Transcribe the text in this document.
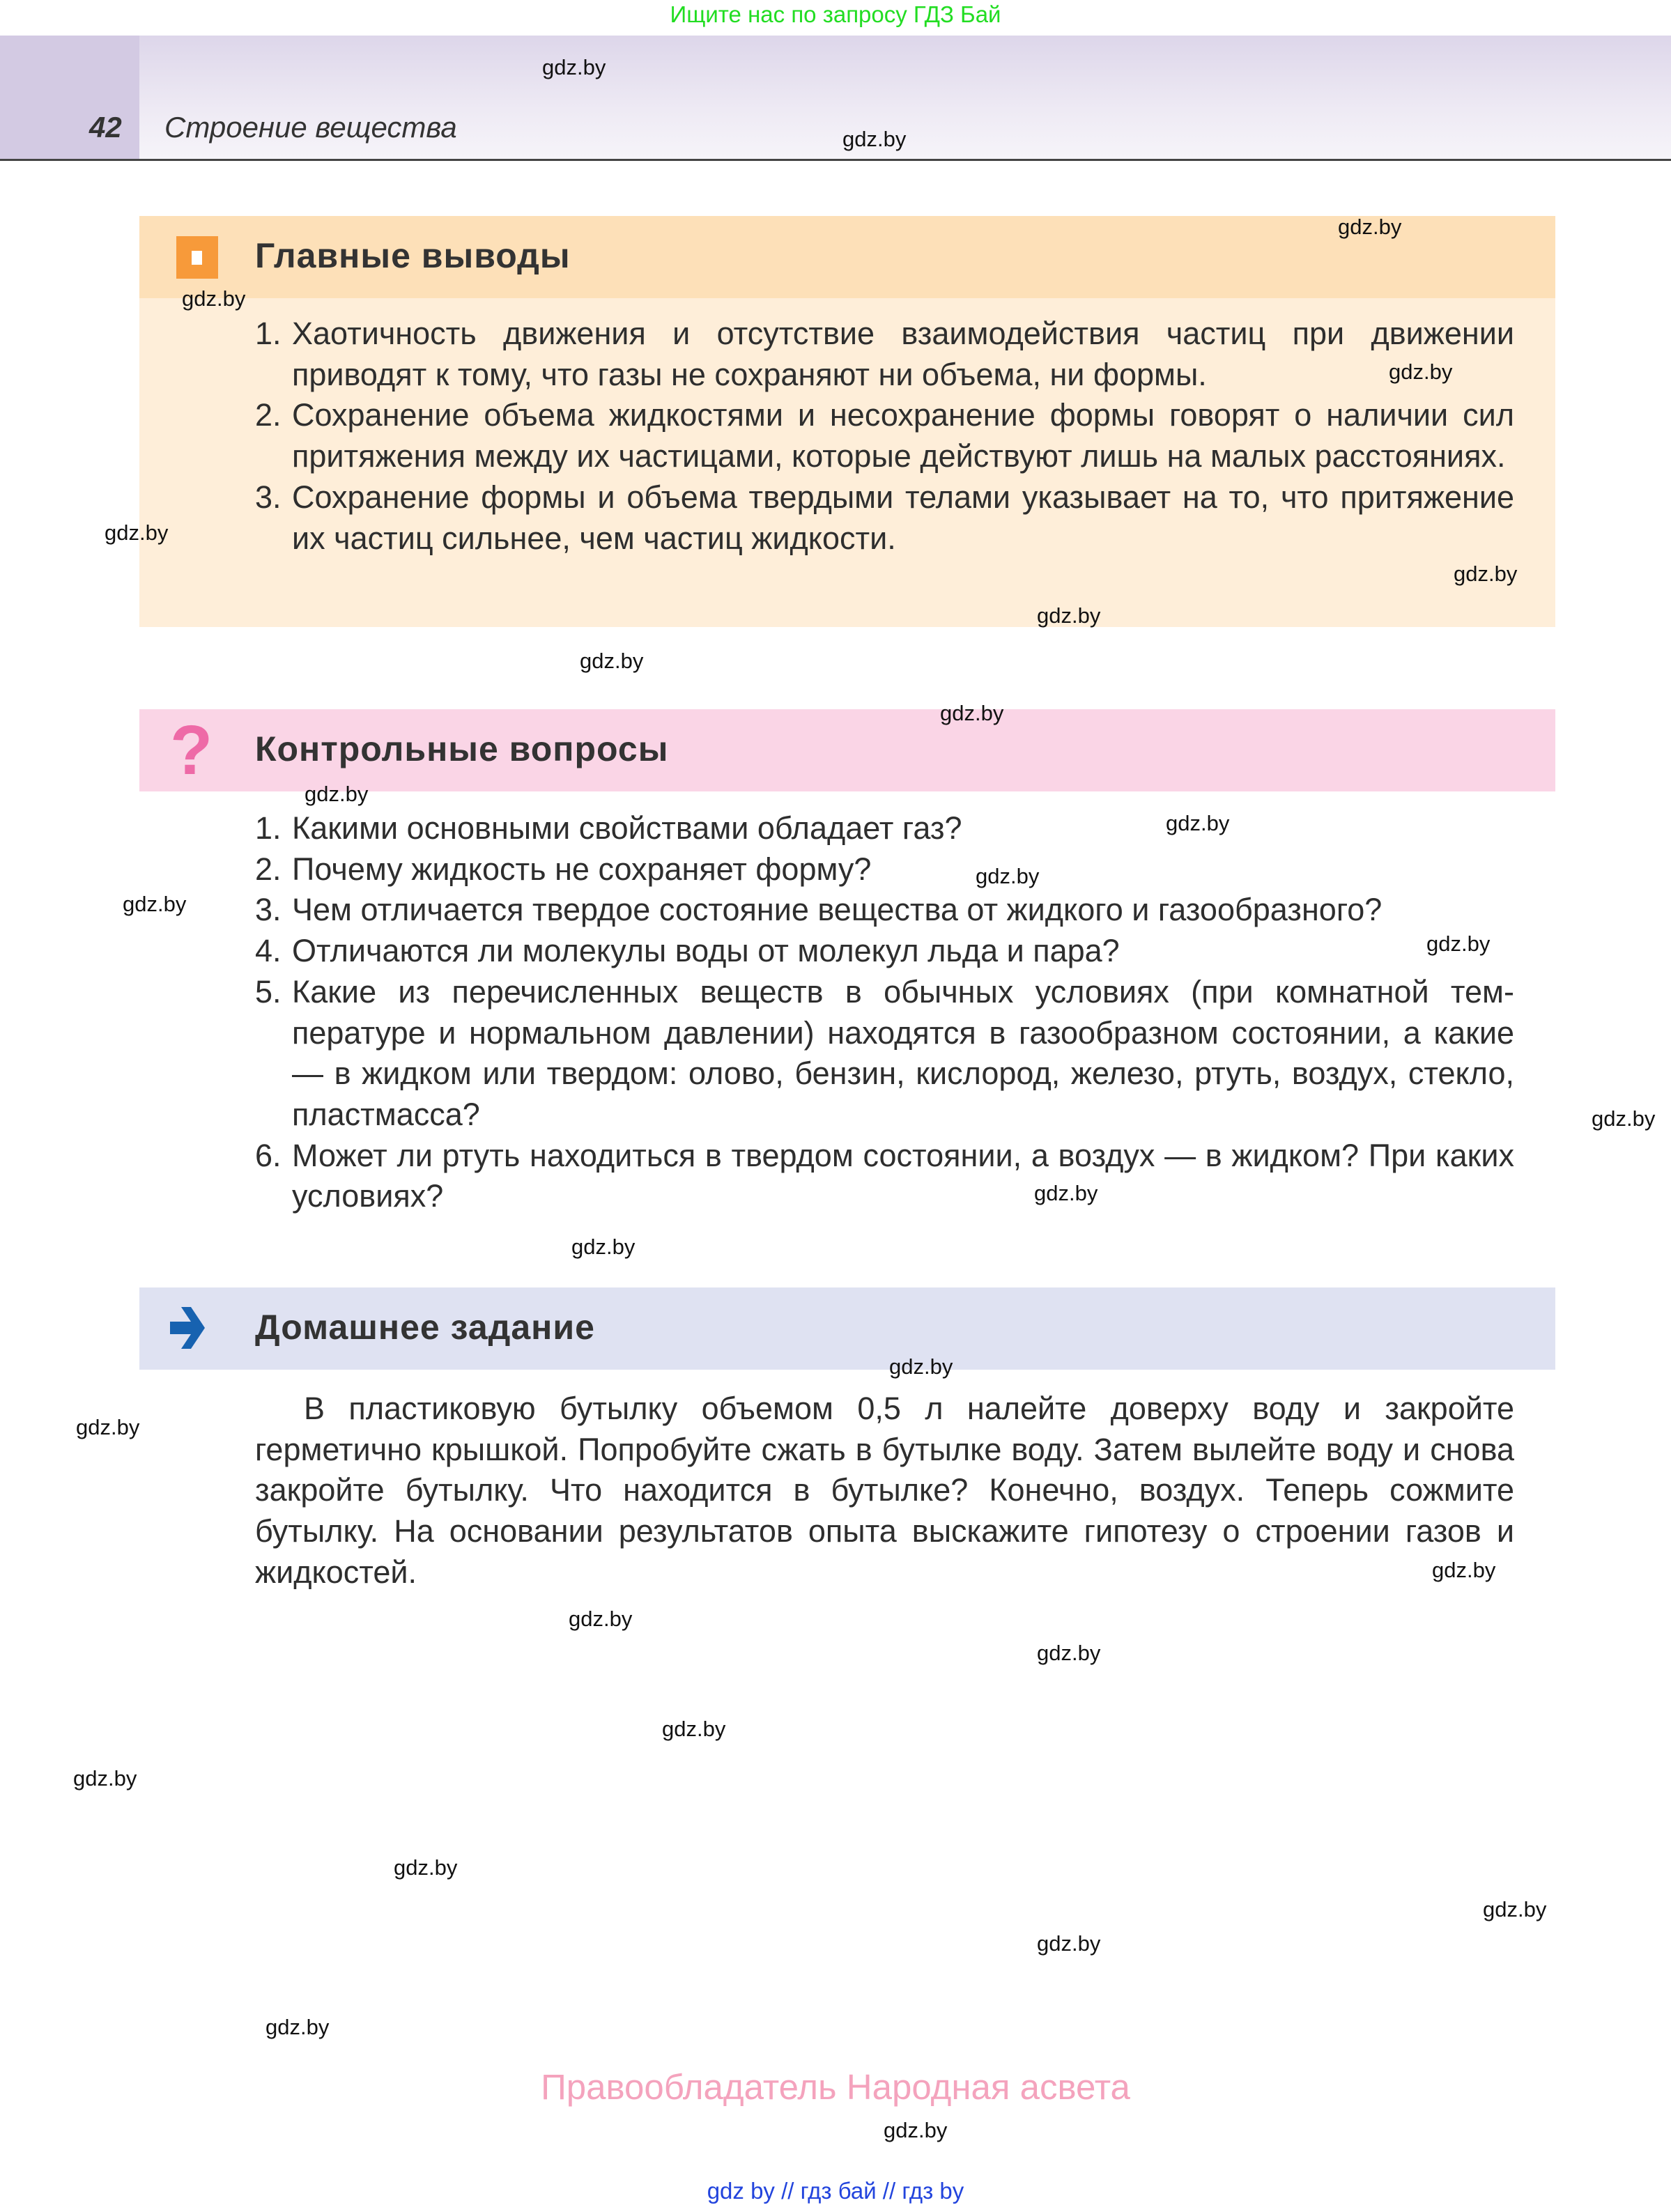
Ищите нас по запросу ГДЗ Бай
42 Строение вещества
Главные выводы
1. Хаотичность движения и отсутствие взаимодействия частиц при движении приводят к тому, что газы не сохраняют ни объема, ни формы.
2. Сохранение объема жидкостями и несохранение формы говорят о наличии сил притяжения между их частицами, которые действуют лишь на малых расстояниях.
3. Сохранение формы и объема твердыми телами указывает на то, что притяжение их частиц сильнее, чем частиц жидкости.
? Контрольные вопросы
1. Какими основными свойствами обладает газ?
2. Почему жидкость не сохраняет форму?
3. Чем отличается твердое состояние вещества от жидкого и газообразного?
4. Отличаются ли молекулы воды от молекул льда и пара?
5. Какие из перечисленных веществ в обычных условиях (при комнатной температуре и нормальном давлении) находятся в газообразном состоянии, а какие — в жидком или твердом: олово, бензин, кислород, железо, ртуть, воздух, стекло, пластмасса?
6. Может ли ртуть находиться в твердом состоянии, а воздух — в жидком? При каких условиях?
Домашнее задание

В пластиковую бутылку объемом 0,5 л налейте доверху воду и закройте герметично крышкой. Попробуйте сжать в бутылке воду. Затем вылейте воду и снова закройте бутылку. Что находится в бутылке? Конечно, воздух. Теперь сожмите бутылку. На основании результатов опыта выскажите гипотезу о строении газов и жидкостей.

gdz.by
gdz.by
gdz.by
gdz.by
gdz.by
gdz.by
gdz.by
gdz.by
gdz.by
gdz.by
gdz.by
gdz.by
gdz.by
gdz.by
gdz.by
gdz.by
gdz.by
gdz.by
gdz.by
gdz.by
gdz.by
gdz.by
gdz.by
gdz.by
gdz.by
gdz.by
gdz.by
gdz.by
gdz.by
gdz.by
Правообладатель Народная асвета
gdz by // гдз бай // гдз by
